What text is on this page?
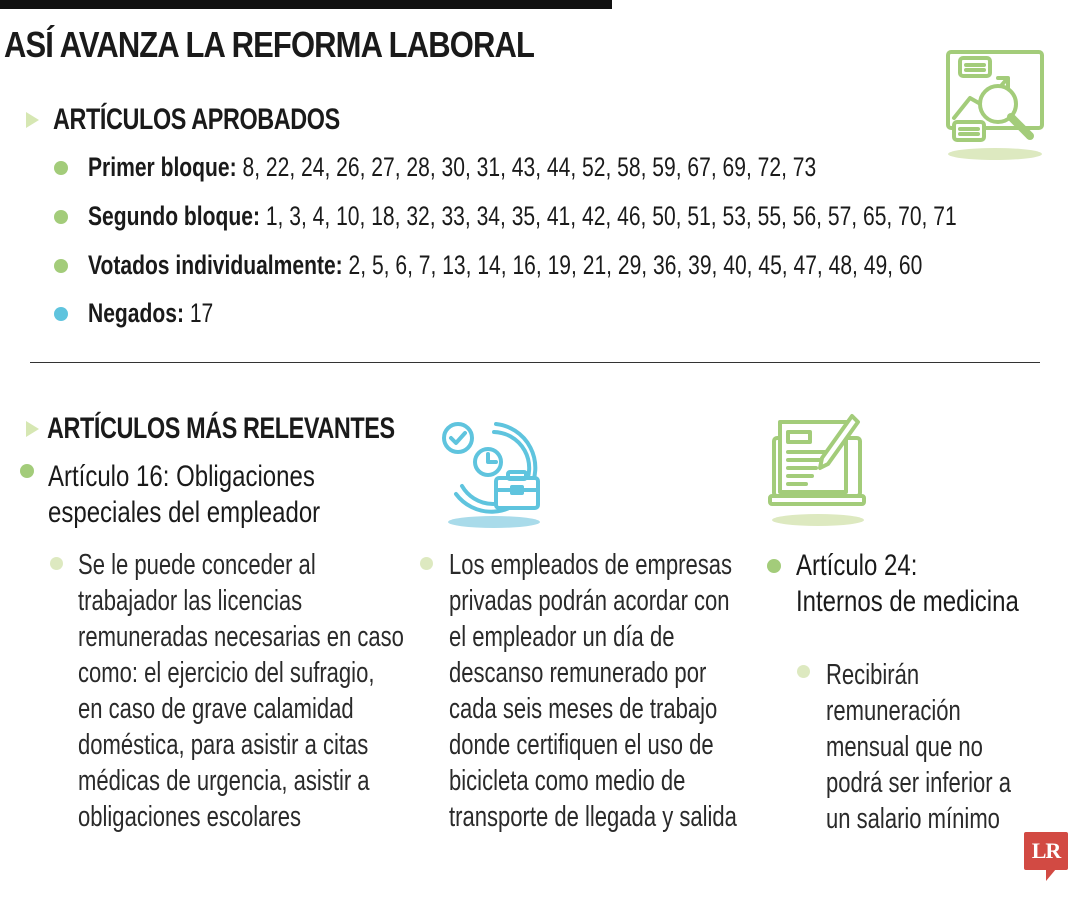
ASÍ AVANZA LA REFORMA LABORAL
ARTÍCULOS APROBADOS
Primer bloque: 8, 22, 24, 26, 27, 28, 30, 31, 43, 44, 52, 58, 59, 67, 69, 72, 73
Segundo bloque: 1, 3, 4, 10, 18, 32, 33, 34, 35, 41, 42, 46, 50, 51, 53, 55, 56, 57, 65, 70, 71
Votados individualmente: 2, 5, 6, 7, 13, 14, 16, 19, 21, 29, 36, 39, 40, 45, 47, 48, 49, 60
Negados: 17
ARTÍCULOS MÁS RELEVANTES
Artículo 16: Obligaciones
especiales del empleador
Se le puede conceder al
trabajador las licencias
remuneradas necesarias en caso
como: el ejercicio del sufragio,
en caso de grave calamidad
doméstica, para asistir a citas
médicas de urgencia, asistir a
obligaciones escolares
Los empleados de empresas
privadas podrán acordar con
el empleador un día de
descanso remunerado por
cada seis meses de trabajo
donde certifiquen el uso de
bicicleta como medio de
transporte de llegada y salida
Artículo 24:
Internos de medicina
Recibirán
remuneración
mensual que no
podrá ser inferior a
un salario mínimo
LR
